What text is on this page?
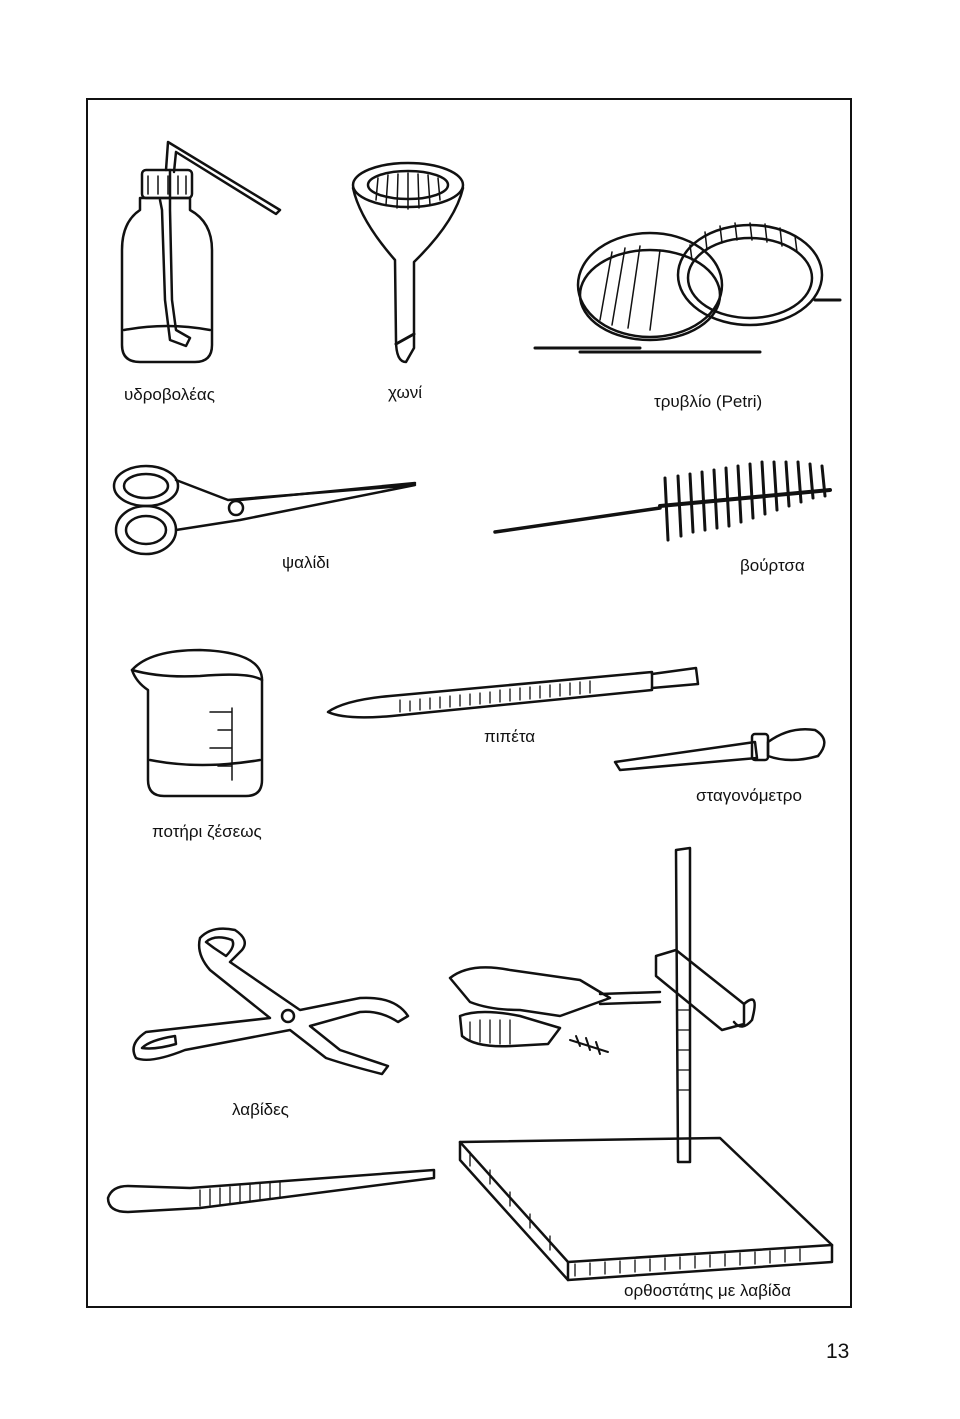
υδροβολέας	χωνί	τρυβλίο (Petri)
ψαλίδι	βούρτσα
πιπέτα
σταγονόμετρο
ποτήρι ζέσεως
λαβίδες
ορθοστάτης με λαβίδα
13
